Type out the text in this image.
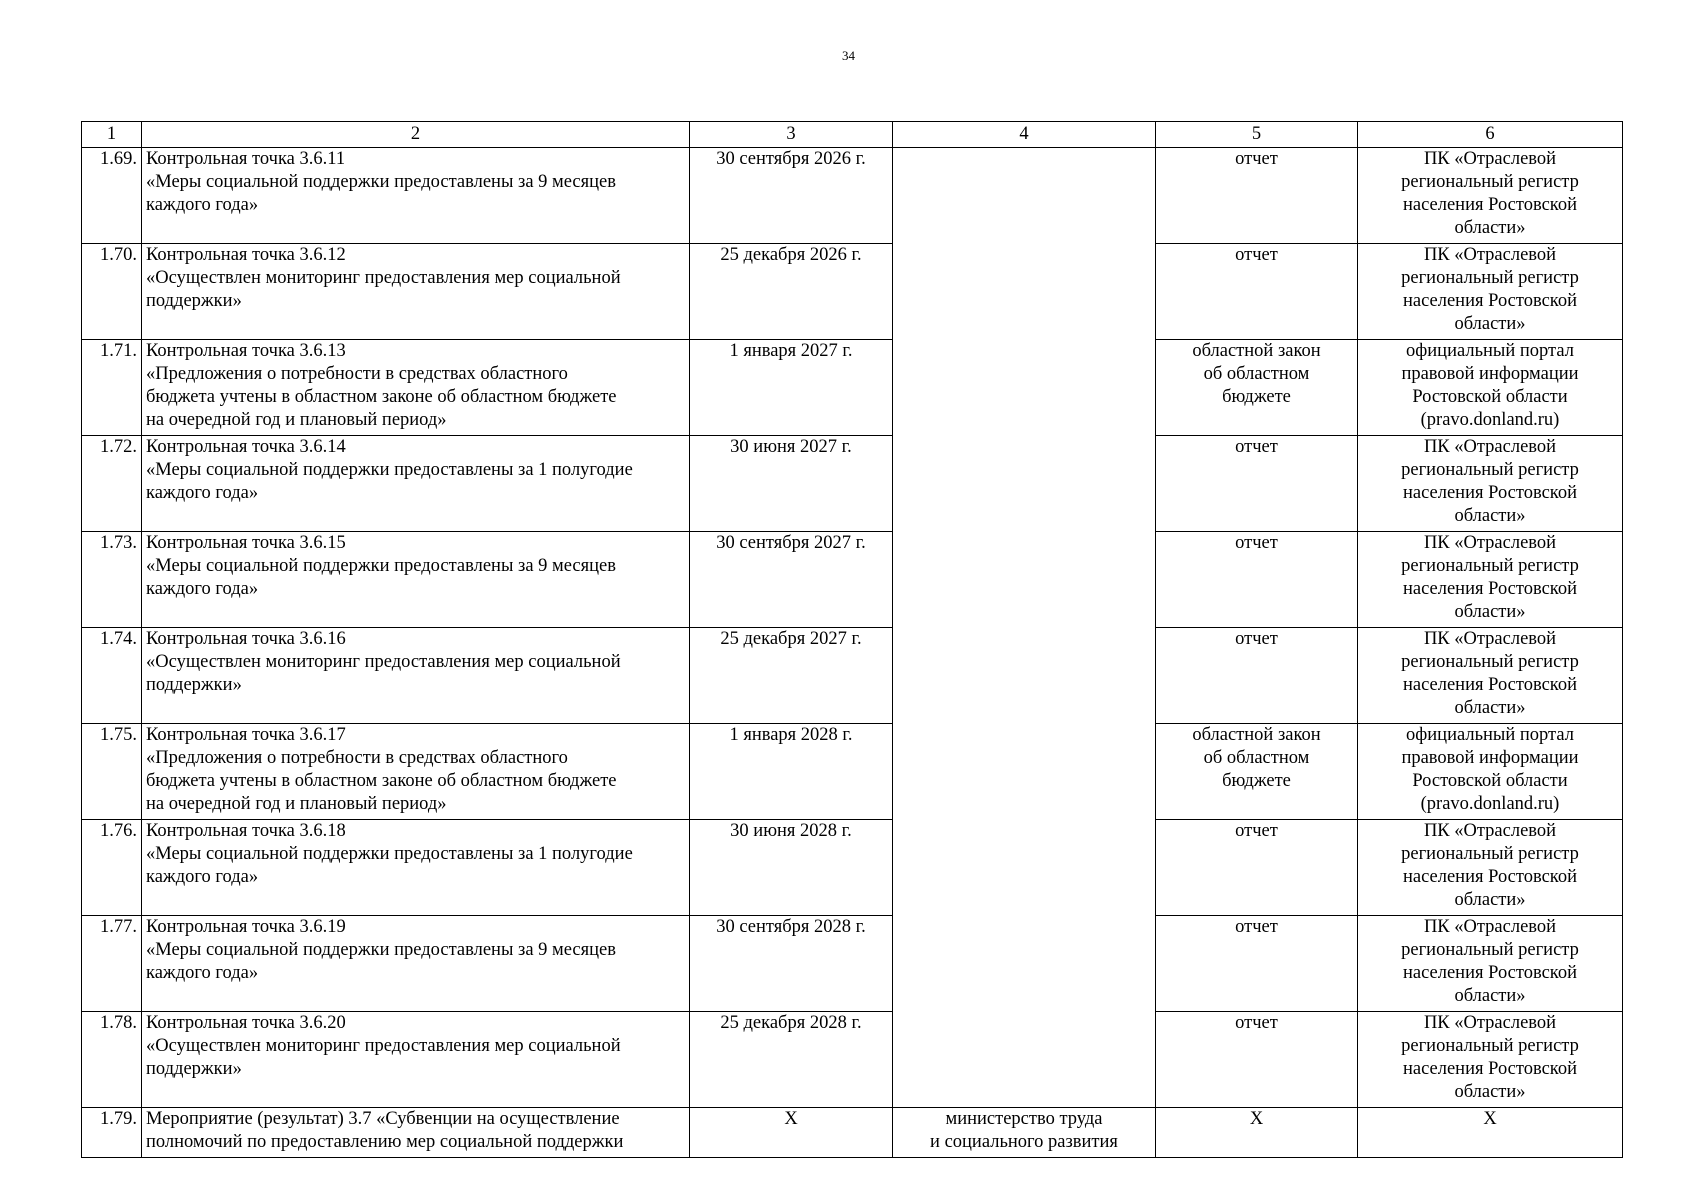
34
1	2	3	4	5	6
1.69.	Контрольная точка 3.6.11
«Меры социальной поддержки предоставлены за 9 месяцев
каждого года»	30 сентября 2026 г.		отчет	ПК «Отраслевой
региональный регистр
населения Ростовской
области»

1.70.	Контрольная точка 3.6.12
«Осуществлен мониторинг предоставления мер социальной
поддержки»	25 декабря 2026 г.		отчет	ПК «Отраслевой
региональный регистр
населения Ростовской
области»

1.71.	Контрольная точка 3.6.13
«Предложения о потребности в средствах областного
бюджета учтены в областном законе об областном бюджете
на очередной год и плановый период»	1 января 2027 г.		областной закон
об областном
бюджете	официальный портал
правовой информации
Ростовской области
(pravo.donland.ru)

1.72.	Контрольная точка 3.6.14
«Меры социальной поддержки предоставлены за 1 полугодие
каждого года»	30 июня 2027 г.		отчет	ПК «Отраслевой
региональный регистр
населения Ростовской
области»

1.73.	Контрольная точка 3.6.15
«Меры социальной поддержки предоставлены за 9 месяцев
каждого года»	30 сентября 2027 г.		отчет	ПК «Отраслевой
региональный регистр
населения Ростовской
области»

1.74.	Контрольная точка 3.6.16
«Осуществлен мониторинг предоставления мер социальной
поддержки»	25 декабря 2027 г.		отчет	ПК «Отраслевой
региональный регистр
населения Ростовской
области»

1.75.	Контрольная точка 3.6.17
«Предложения о потребности в средствах областного
бюджета учтены в областном законе об областном бюджете
на очередной год и плановый период»	1 января 2028 г.		областной закон
об областном
бюджете	официальный портал
правовой информации
Ростовской области
(pravo.donland.ru)

1.76.	Контрольная точка 3.6.18
«Меры социальной поддержки предоставлены за 1 полугодие
каждого года»	30 июня 2028 г.		отчет	ПК «Отраслевой
региональный регистр
населения Ростовской
области»

1.77.	Контрольная точка 3.6.19
«Меры социальной поддержки предоставлены за 9 месяцев
каждого года»	30 сентября 2028 г.		отчет	ПК «Отраслевой
региональный регистр
населения Ростовской
области»

1.78.	Контрольная точка 3.6.20
«Осуществлен мониторинг предоставления мер социальной
поддержки»	25 декабря 2028 г.		отчет	ПК «Отраслевой
региональный регистр
населения Ростовской
области»

1.79.	Мероприятие (результат) 3.7 «Субвенции на осуществление
полномочий по предоставлению мер социальной поддержки	X	министерство труда
и социального развития	X	X
